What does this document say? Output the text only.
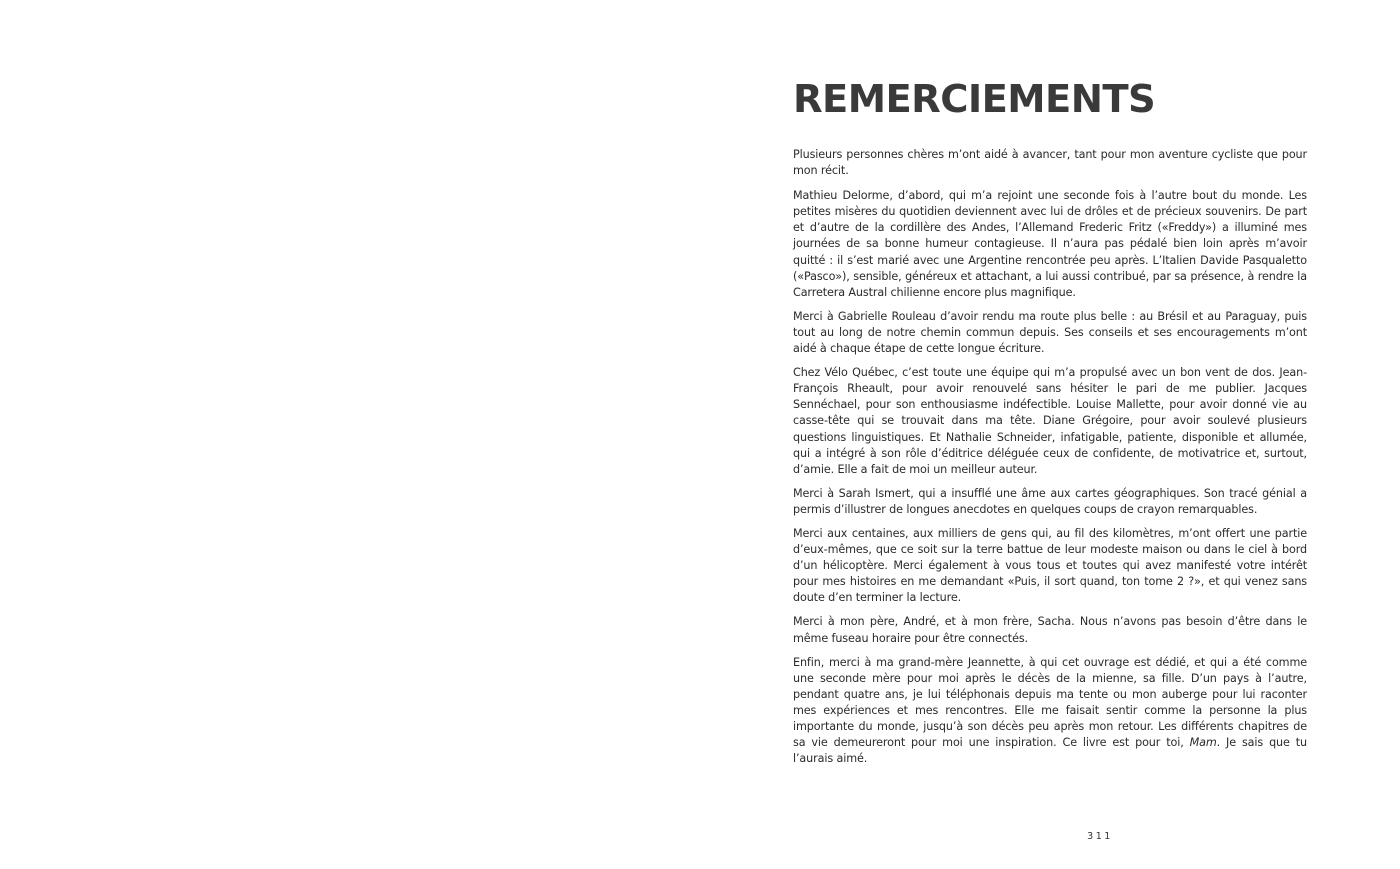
REMERCIEMENTS

Plusieurs personnes chères m’ont aidé à avancer, tant pour mon aventure cycliste que pour mon récit.

Mathieu Delorme, d’abord, qui m’a rejoint une seconde fois à l’autre bout du monde. Les petites misères du quotidien deviennent avec lui de drôles et de précieux souvenirs. De part et d’autre de la cordillère des Andes, l’Allemand Frederic Fritz («Freddy») a illuminé mes journées de sa bonne humeur contagieuse. Il n’aura pas pédalé bien loin après m’avoir quitté : il s’est marié avec une Argentine rencontrée peu après. L’Italien Davide Pasqualetto («Pasco»), sensible, généreux et attachant, a lui aussi contribué, par sa présence, à rendre la Carretera Austral chilienne encore plus magnifique.

Merci à Gabrielle Rouleau d’avoir rendu ma route plus belle : au Brésil et au Paraguay, puis tout au long de notre chemin commun depuis. Ses conseils et ses encouragements m’ont aidé à chaque étape de cette longue écriture.

Chez Vélo Québec, c’est toute une équipe qui m’a propulsé avec un bon vent de dos. Jean-François Rheault, pour avoir renouvelé sans hésiter le pari de me publier. Jacques Sennéchael, pour son enthousiasme indéfectible. Louise Mallette, pour avoir donné vie au casse-tête qui se trouvait dans ma tête. Diane Grégoire, pour avoir soulevé plusieurs questions linguistiques. Et Nathalie Schneider, infatigable, patiente, disponible et allumée, qui a intégré à son rôle d’éditrice déléguée ceux de confidente, de motivatrice et, surtout, d’amie. Elle a fait de moi un meilleur auteur.

Merci à Sarah Ismert, qui a insufflé une âme aux cartes géographiques. Son tracé génial a permis d’illustrer de longues anecdotes en quelques coups de crayon remarquables.

Merci aux centaines, aux milliers de gens qui, au fil des kilomètres, m’ont offert une partie d’eux-mêmes, que ce soit sur la terre battue de leur modeste maison ou dans le ciel à bord d’un hélicoptère. Merci également à vous tous et toutes qui avez manifesté votre intérêt pour mes histoires en me demandant «Puis, il sort quand, ton tome 2 ?», et qui venez sans doute d’en terminer la lecture.

Merci à mon père, André, et à mon frère, Sacha. Nous n’avons pas besoin d’être dans le même fuseau horaire pour être connectés.

Enfin, merci à ma grand-mère Jeannette, à qui cet ouvrage est dédié, et qui a été comme une seconde mère pour moi après le décès de la mienne, sa fille. D’un pays à l’autre, pendant quatre ans, je lui téléphonais depuis ma tente ou mon auberge pour lui raconter mes expériences et mes rencontres. Elle me faisait sentir comme la personne la plus importante du monde, jusqu’à son décès peu après mon retour. Les différents chapitres de sa vie demeureront pour moi une inspiration. Ce livre est pour toi, Mam. Je sais que tu l’aurais aimé.

311
